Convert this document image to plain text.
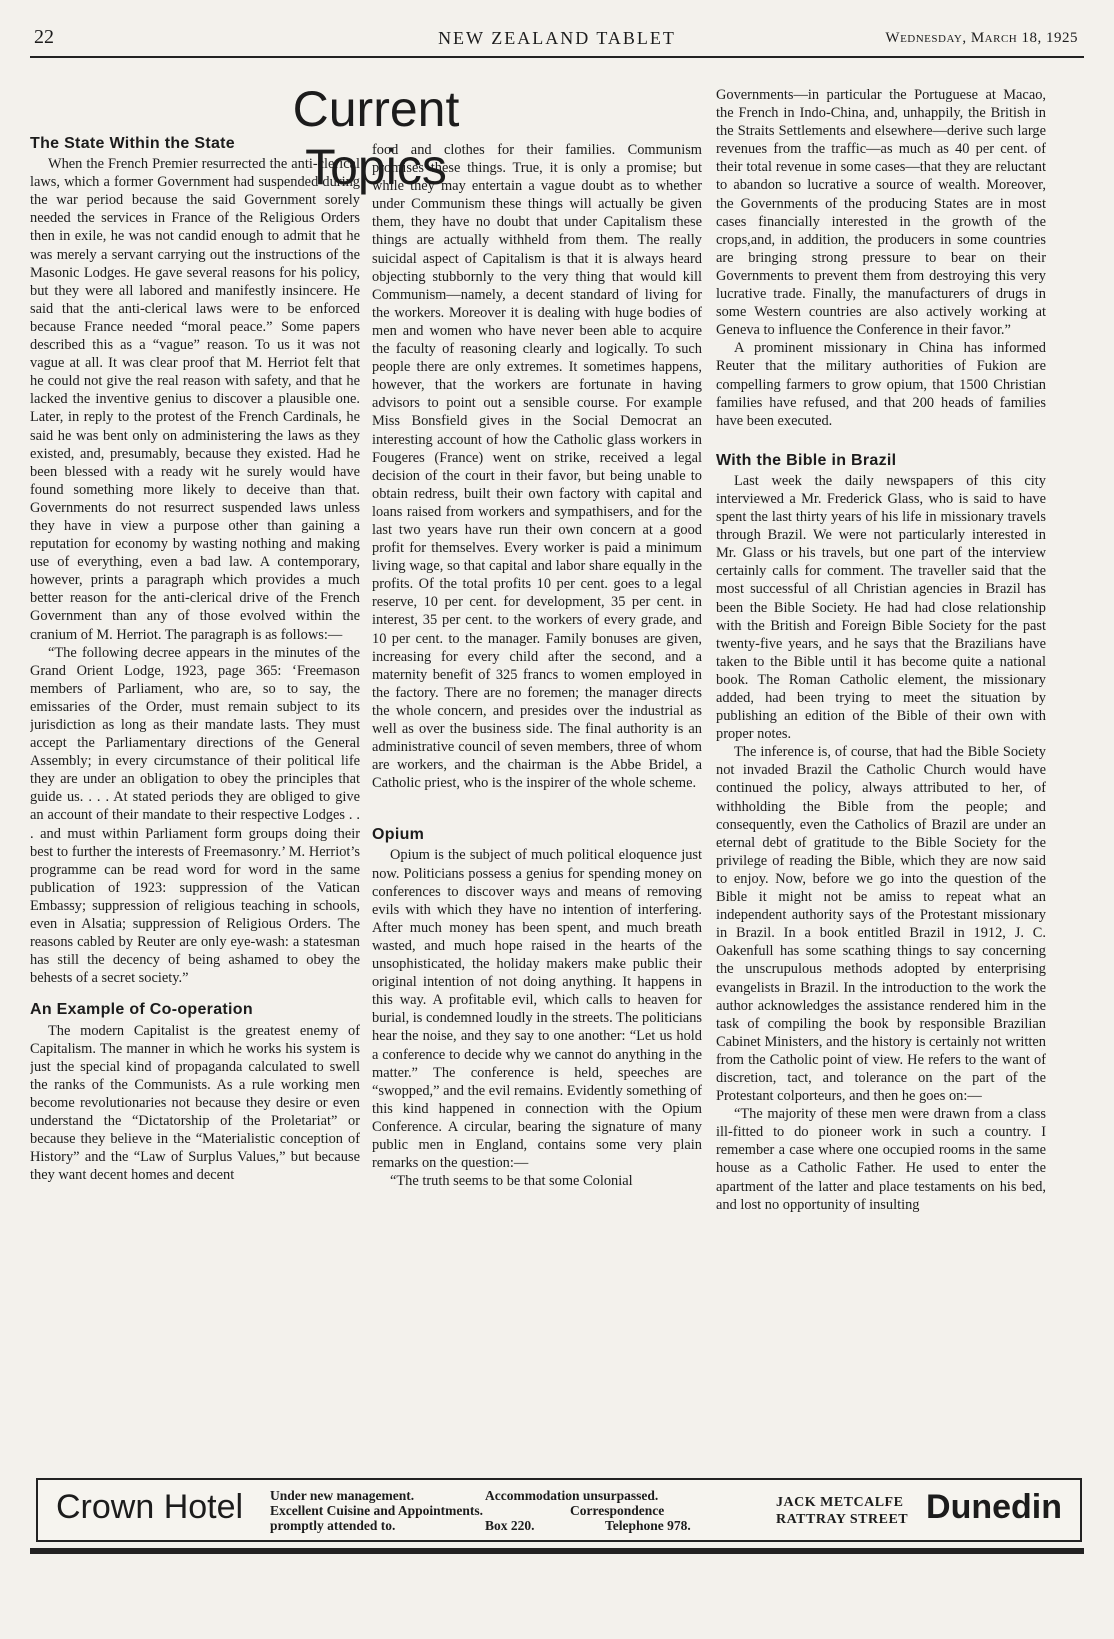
22	NEW ZEALAND TABLET	Wednesday, March 18, 1925
Current Topics
The State Within the State

When the French Premier resurrected the anti-clerical laws, which a former Government had suspended during the war period because the said Government sorely needed the services in France of the Religious Orders then in exile, he was not candid enough to admit that he was merely a servant carrying out the instructions of the Masonic Lodges. He gave several reasons for his policy, but they were all labored and manifestly insincere. He said that the anti-clerical laws were to be enforced because France needed “moral peace.” Some papers described this as a “vague” reason. To us it was not vague at all. It was clear proof that M. Herriot felt that he could not give the real reason with safety, and that he lacked the inventive genius to discover a plausible one. Later, in reply to the protest of the French Cardinals, he said he was bent only on administering the laws as they existed, and, presumably, because they existed. Had he been blessed with a ready wit he surely would have found something more likely to deceive than that. Governments do not resurrect suspended laws unless they have in view a purpose other than gaining a reputation for economy by wasting nothing and making use of everything, even a bad law. A contemporary, however, prints a paragraph which provides a much better reason for the anti-clerical drive of the French Government than any of those evolved within the cranium of M. Herriot. The paragraph is as follows:—

“The following decree appears in the minutes of the Grand Orient Lodge, 1923, page 365: ‘Freemason members of Parliament, who are, so to say, the emissaries of the Order, must remain subject to its jurisdiction as long as their mandate lasts. They must accept the Parliamentary directions of the General Assembly; in every circumstance of their political life they are under an obligation to obey the principles that guide us. . . . At stated periods they are obliged to give an account of their mandate to their respective Lodges . . . and must within Parliament form groups doing their best to further the interests of Freemasonry.’ M. Herriot’s programme can be read word for word in the same publication of 1923: suppression of the Vatican Embassy; suppression of religious teaching in schools, even in Alsatia; suppression of Religious Orders. The reasons cabled by Reuter are only eye-wash: a statesman has still the decency of being ashamed to obey the behests of a secret society.”

An Example of Co-operation

The modern Capitalist is the greatest enemy of Capitalism. The manner in which he works his system is just the special kind of propaganda calculated to swell the ranks of the Communists. As a rule working men become revolutionaries not because they desire or even understand the “Dictatorship of the Proletariat” or because they believe in the “Materialistic conception of History” and the “Law of Surplus Values,” but because they want decent homes and decent

food and clothes for their families. Communism promises these things. True, it is only a promise; but while they may entertain a vague doubt as to whether under Communism these things will actually be given them, they have no doubt that under Capitalism these things are actually withheld from them. The really suicidal aspect of Capitalism is that it is always heard objecting stubbornly to the very thing that would kill Communism—namely, a decent standard of living for the workers. Moreover it is dealing with huge bodies of men and women who have never been able to acquire the faculty of reasoning clearly and logically. To such people there are only extremes. It sometimes happens, however, that the workers are fortunate in having advisors to point out a sensible course. For example Miss Bonsfield gives in the Social Democrat an interesting account of how the Catholic glass workers in Fougeres (France) went on strike, received a legal decision of the court in their favor, but being unable to obtain redress, built their own factory with capital and loans raised from workers and sympathisers, and for the last two years have run their own concern at a good profit for themselves. Every worker is paid a minimum living wage, so that capital and labor share equally in the profits. Of the total profits 10 per cent. goes to a legal reserve, 10 per cent. for development, 35 per cent. in interest, 35 per cent. to the workers of every grade, and 10 per cent. to the manager. Family bonuses are given, increasing for every child after the second, and a maternity benefit of 325 francs to women employed in the factory. There are no foremen; the manager directs the whole concern, and presides over the industrial as well as over the business side. The final authority is an administrative council of seven members, three of whom are workers, and the chairman is the Abbe Bridel, a Catholic priest, who is the inspirer of the whole scheme.

Opium

Opium is the subject of much political eloquence just now. Politicians possess a genius for spending money on conferences to discover ways and means of removing evils with which they have no intention of interfering. After much money has been spent, and much breath wasted, and much hope raised in the hearts of the unsophisticated, the holiday makers make public their original intention of not doing anything. It happens in this way. A profitable evil, which calls to heaven for burial, is condemned loudly in the streets. The politicians hear the noise, and they say to one another: “Let us hold a conference to decide why we cannot do anything in the matter.” The conference is held, speeches are “swopped,” and the evil remains. Evidently something of this kind happened in connection with the Opium Conference. A circular, bearing the signature of many public men in England, contains some very plain remarks on the question:—

“The truth seems to be that some Colonial

Governments—in particular the Portuguese at Macao, the French in Indo-China, and, unhappily, the British in the Straits Settlements and elsewhere—derive such large revenues from the traffic—as much as 40 per cent. of their total revenue in some cases—that they are reluctant to abandon so lucrative a source of wealth. Moreover, the Governments of the producing States are in most cases financially interested in the growth of the crops,and, in addition, the producers in some countries are bringing strong pressure to bear on their Governments to prevent them from destroying this very lucrative trade. Finally, the manufacturers of drugs in some Western countries are also actively working at Geneva to influence the Conference in their favor.”

A prominent missionary in China has informed Reuter that the military authorities of Fukion are compelling farmers to grow opium, that 1500 Christian families have refused, and that 200 heads of families have been executed.

With the Bible in Brazil

Last week the daily newspapers of this city interviewed a Mr. Frederick Glass, who is said to have spent the last thirty years of his life in missionary travels through Brazil. We were not particularly interested in Mr. Glass or his travels, but one part of the interview certainly calls for comment. The traveller said that the most successful of all Christian agencies in Brazil has been the Bible Society. He had had close relationship with the British and Foreign Bible Society for the past twenty-five years, and he says that the Brazilians have taken to the Bible until it has become quite a national book. The Roman Catholic element, the missionary added, had been trying to meet the situation by publishing an edition of the Bible of their own with proper notes.

The inference is, of course, that had the Bible Society not invaded Brazil the Catholic Church would have continued the policy, always attributed to her, of withholding the Bible from the people; and consequently, even the Catholics of Brazil are under an eternal debt of gratitude to the Bible Society for the privilege of reading the Bible, which they are now said to enjoy. Now, before we go into the question of the Bible it might not be amiss to repeat what an independent authority says of the Protestant missionary in Brazil. In a book entitled Brazil in 1912, J. C. Oakenfull has some scathing things to say concerning the unscrupulous methods adopted by enterprising evangelists in Brazil. In the introduction to the work the author acknowledges the assistance rendered him in the task of compiling the book by responsible Brazilian Cabinet Ministers, and the history is certainly not written from the Catholic point of view. He refers to the want of discretion, tact, and tolerance on the part of the Protestant colporteurs, and then he goes on:—

“The majority of these men were drawn from a class ill-fitted to do pioneer work in such a country. I remember a case where one occupied rooms in the same house as a Catholic Father. He used to enter the apartment of the latter and place testaments on his bed, and lost no opportunity of insulting

Crown Hotel Under new management.	Accommodation unsurpassed.
Excellent Cuisine and Appointments.	Correspondence
promptly attended to.	Box 220.	Telephone 978.
JACK METCALFE
RATTRAY STREET Dunedin
